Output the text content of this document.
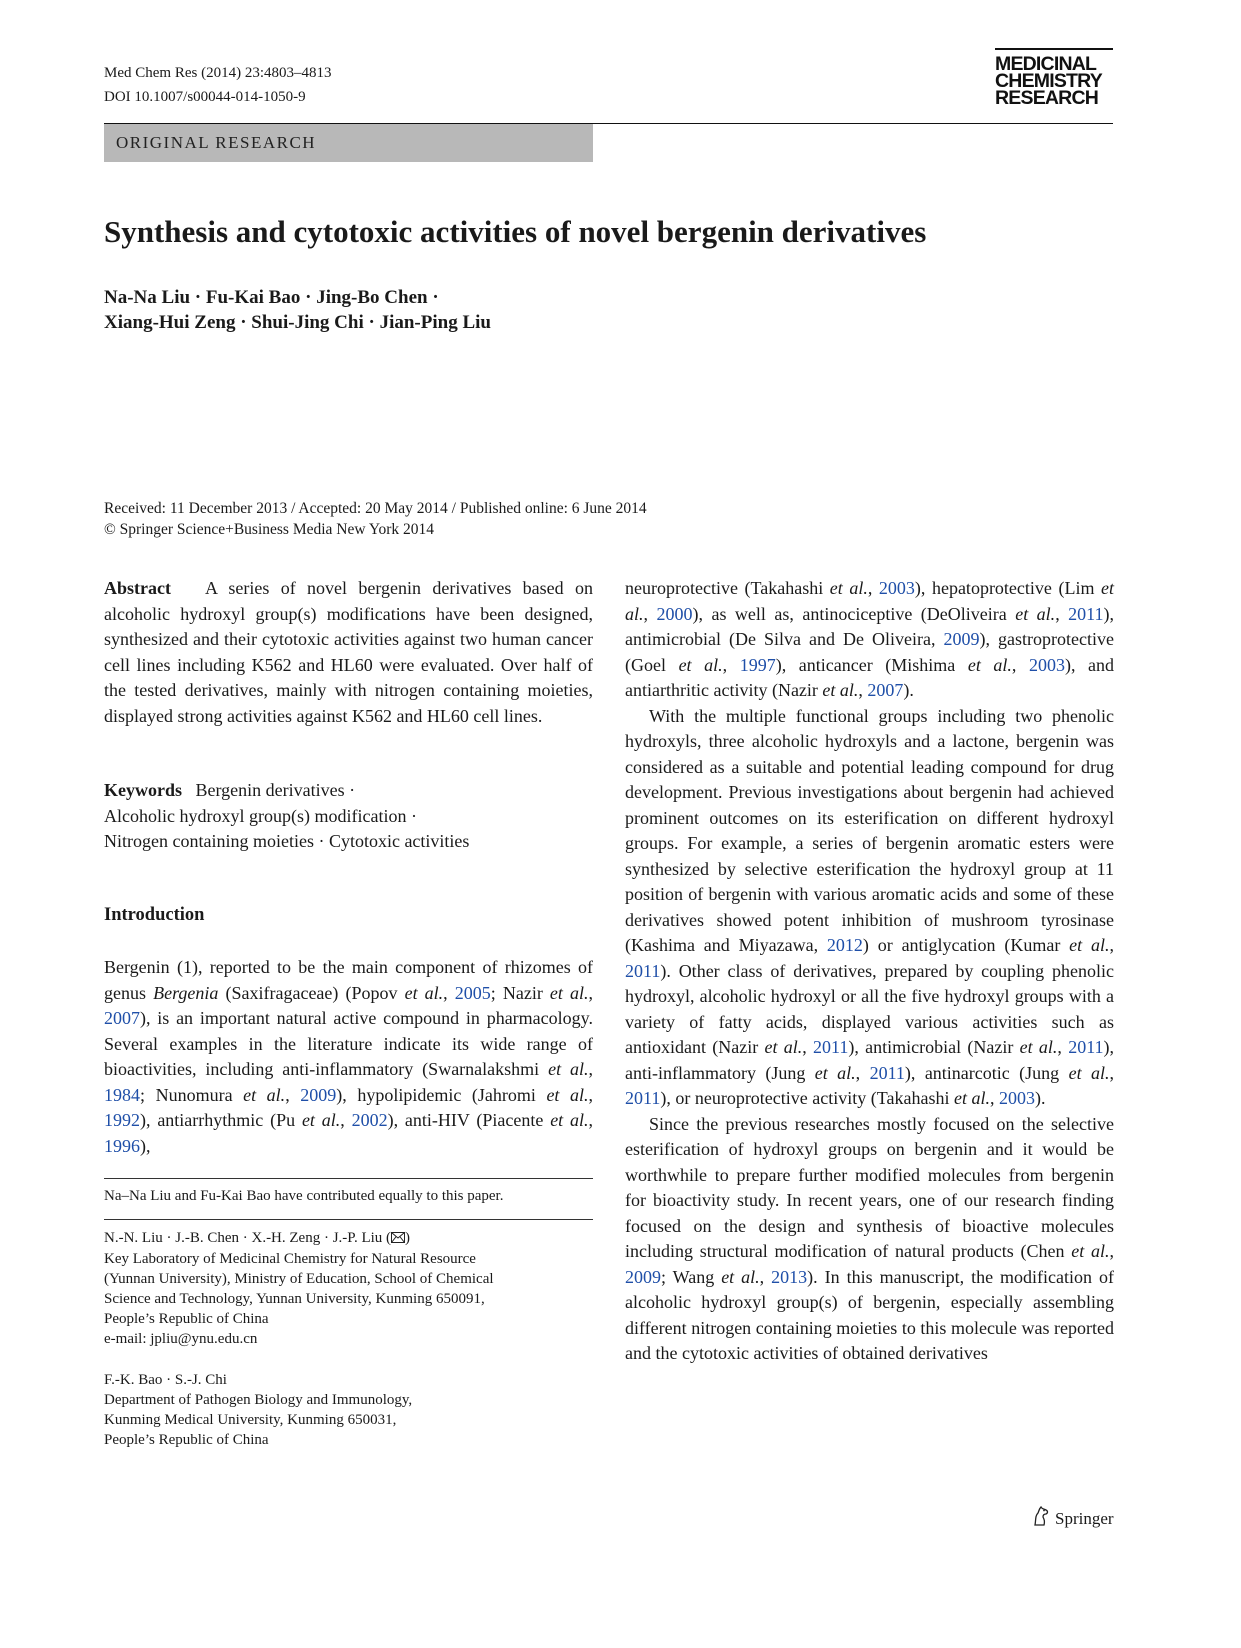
Med Chem Res (2014) 23:4803–4813
DOI 10.1007/s00044-014-1050-9
MEDICINAL
CHEMISTRY
RESEARCH
ORIGINAL RESEARCH
Synthesis and cytotoxic activities of novel bergenin derivatives
Na-Na Liu · Fu-Kai Bao · Jing-Bo Chen ·
Xiang-Hui Zeng · Shui-Jing Chi · Jian-Ping Liu
Received: 11 December 2013 / Accepted: 20 May 2014 / Published online: 6 June 2014
© Springer Science+Business Media New York 2014

Abstract A series of novel bergenin derivatives based on alcoholic hydroxyl group(s) modifications have been designed, synthesized and their cytotoxic activities against two human cancer cell lines including K562 and HL60 were evaluated. Over half of the tested derivatives, mainly with nitrogen containing moieties, displayed strong activities against K562 and HL60 cell lines.

Keywords Bergenin derivatives ·
Alcoholic hydroxyl group(s) modification ·
Nitrogen containing moieties · Cytotoxic activities
Introduction

Bergenin (1), reported to be the main component of rhizomes of genus Bergenia (Saxifragaceae) (Popov et al., 2005; Nazir et al., 2007), is an important natural active compound in pharmacology. Several examples in the literature indicate its wide range of bioactivities, including anti-inflammatory (Swarnalakshmi et al., 1984; Nunomura et al., 2009), hypolipidemic (Jahromi et al., 1992), antiarrhythmic (Pu et al., 2002), anti-HIV (Piacente et al., 1996),

Na–Na Liu and Fu-Kai Bao have contributed equally to this paper.
N.-N. Liu · J.-B. Chen · X.-H. Zeng · J.-P. Liu ( )
Key Laboratory of Medicinal Chemistry for Natural Resource
(Yunnan University), Ministry of Education, School of Chemical
Science and Technology, Yunnan University, Kunming 650091,
People’s Republic of China
e-mail: jpliu@ynu.edu.cn
F.-K. Bao · S.-J. Chi
Department of Pathogen Biology and Immunology,
Kunming Medical University, Kunming 650031,
People’s Republic of China

neuroprotective (Takahashi et al., 2003), hepatoprotective (Lim et al., 2000), as well as, antinociceptive (DeOliveira et al., 2011), antimicrobial (De Silva and De Oliveira, 2009), gastroprotective (Goel et al., 1997), anticancer (Mishima et al., 2003), and antiarthritic activity (Nazir et al., 2007).

With the multiple functional groups including two phenolic hydroxyls, three alcoholic hydroxyls and a lactone, bergenin was considered as a suitable and potential leading compound for drug development. Previous investigations about bergenin had achieved prominent outcomes on its esterification on different hydroxyl groups. For example, a series of bergenin aromatic esters were synthesized by selective esterification the hydroxyl group at 11 position of bergenin with various aromatic acids and some of these derivatives showed potent inhibition of mushroom tyrosinase (Kashima and Miyazawa, 2012) or antiglycation (Kumar et al., 2011). Other class of derivatives, prepared by coupling phenolic hydroxyl, alcoholic hydroxyl or all the five hydroxyl groups with a variety of fatty acids, displayed various activities such as antioxidant (Nazir et al., 2011), antimicrobial (Nazir et al., 2011), anti-inflammatory (Jung et al., 2011), antinarcotic (Jung et al., 2011), or neuroprotective activity (Takahashi et al., 2003).

Since the previous researches mostly focused on the selective esterification of hydroxyl groups on bergenin and it would be worthwhile to prepare further modified molecules from bergenin for bioactivity study. In recent years, one of our research finding focused on the design and synthesis of bioactive molecules including structural modification of natural products (Chen et al., 2009; Wang et al., 2013). In this manuscript, the modification of alcoholic hydroxyl group(s) of bergenin, especially assembling different nitrogen containing moieties to this molecule was reported and the cytotoxic activities of obtained derivatives

Springer
